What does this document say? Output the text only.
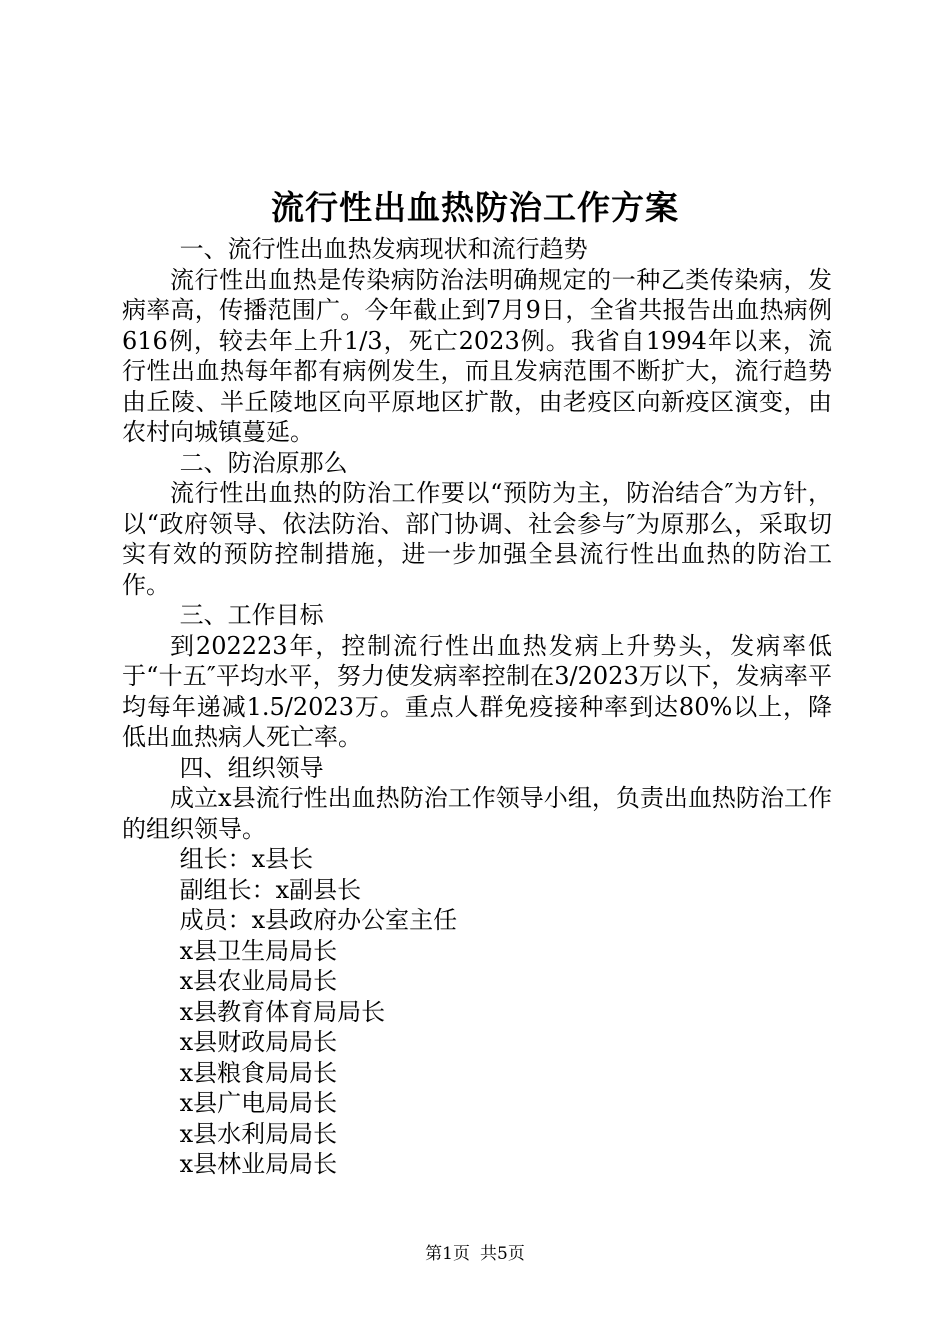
流行性出血热防治工作方案

一、流行性出血热发病现状和流行趋势

流行性出血热是传染病防治法明确规定的一种乙类传染病，发病率高，传播范围广。今年截止到7月9日，全省共报告出血热病例616例，较去年上升1/3，死亡2023例。我省自1994年以来，流行性出血热每年都有病例发生，而且发病范围不断扩大，流行趋势由丘陵、半丘陵地区向平原地区扩散，由老疫区向新疫区演变，由农村向城镇蔓延。

二、防治原那么

流行性出血热的防治工作要以“预防为主，防治结合″为方针，以“政府领导、依法防治、部门协调、社会参与″为原那么，采取切实有效的预防控制措施，进一步加强全县流行性出血热的防治工作。

三、工作目标

到202223年，控制流行性出血热发病上升势头，发病率低于“十五″平均水平，努力使发病率控制在3/2023万以下，发病率平均每年递减1.5/2023万。重点人群免疫接种率到达80%以上，降低出血热病人死亡率。

四、组织领导

成立x县流行性出血热防治工作领导小组，负责出血热防治工作的组织领导。

组长：x县长

副组长：x副县长

成员：x县政府办公室主任

x县卫生局局长

x县农业局局长

x县教育体育局局长

x县财政局局长

x县粮食局局长

x县广电局局长

x县水利局局长

x县林业局局长

第1页 共5页
